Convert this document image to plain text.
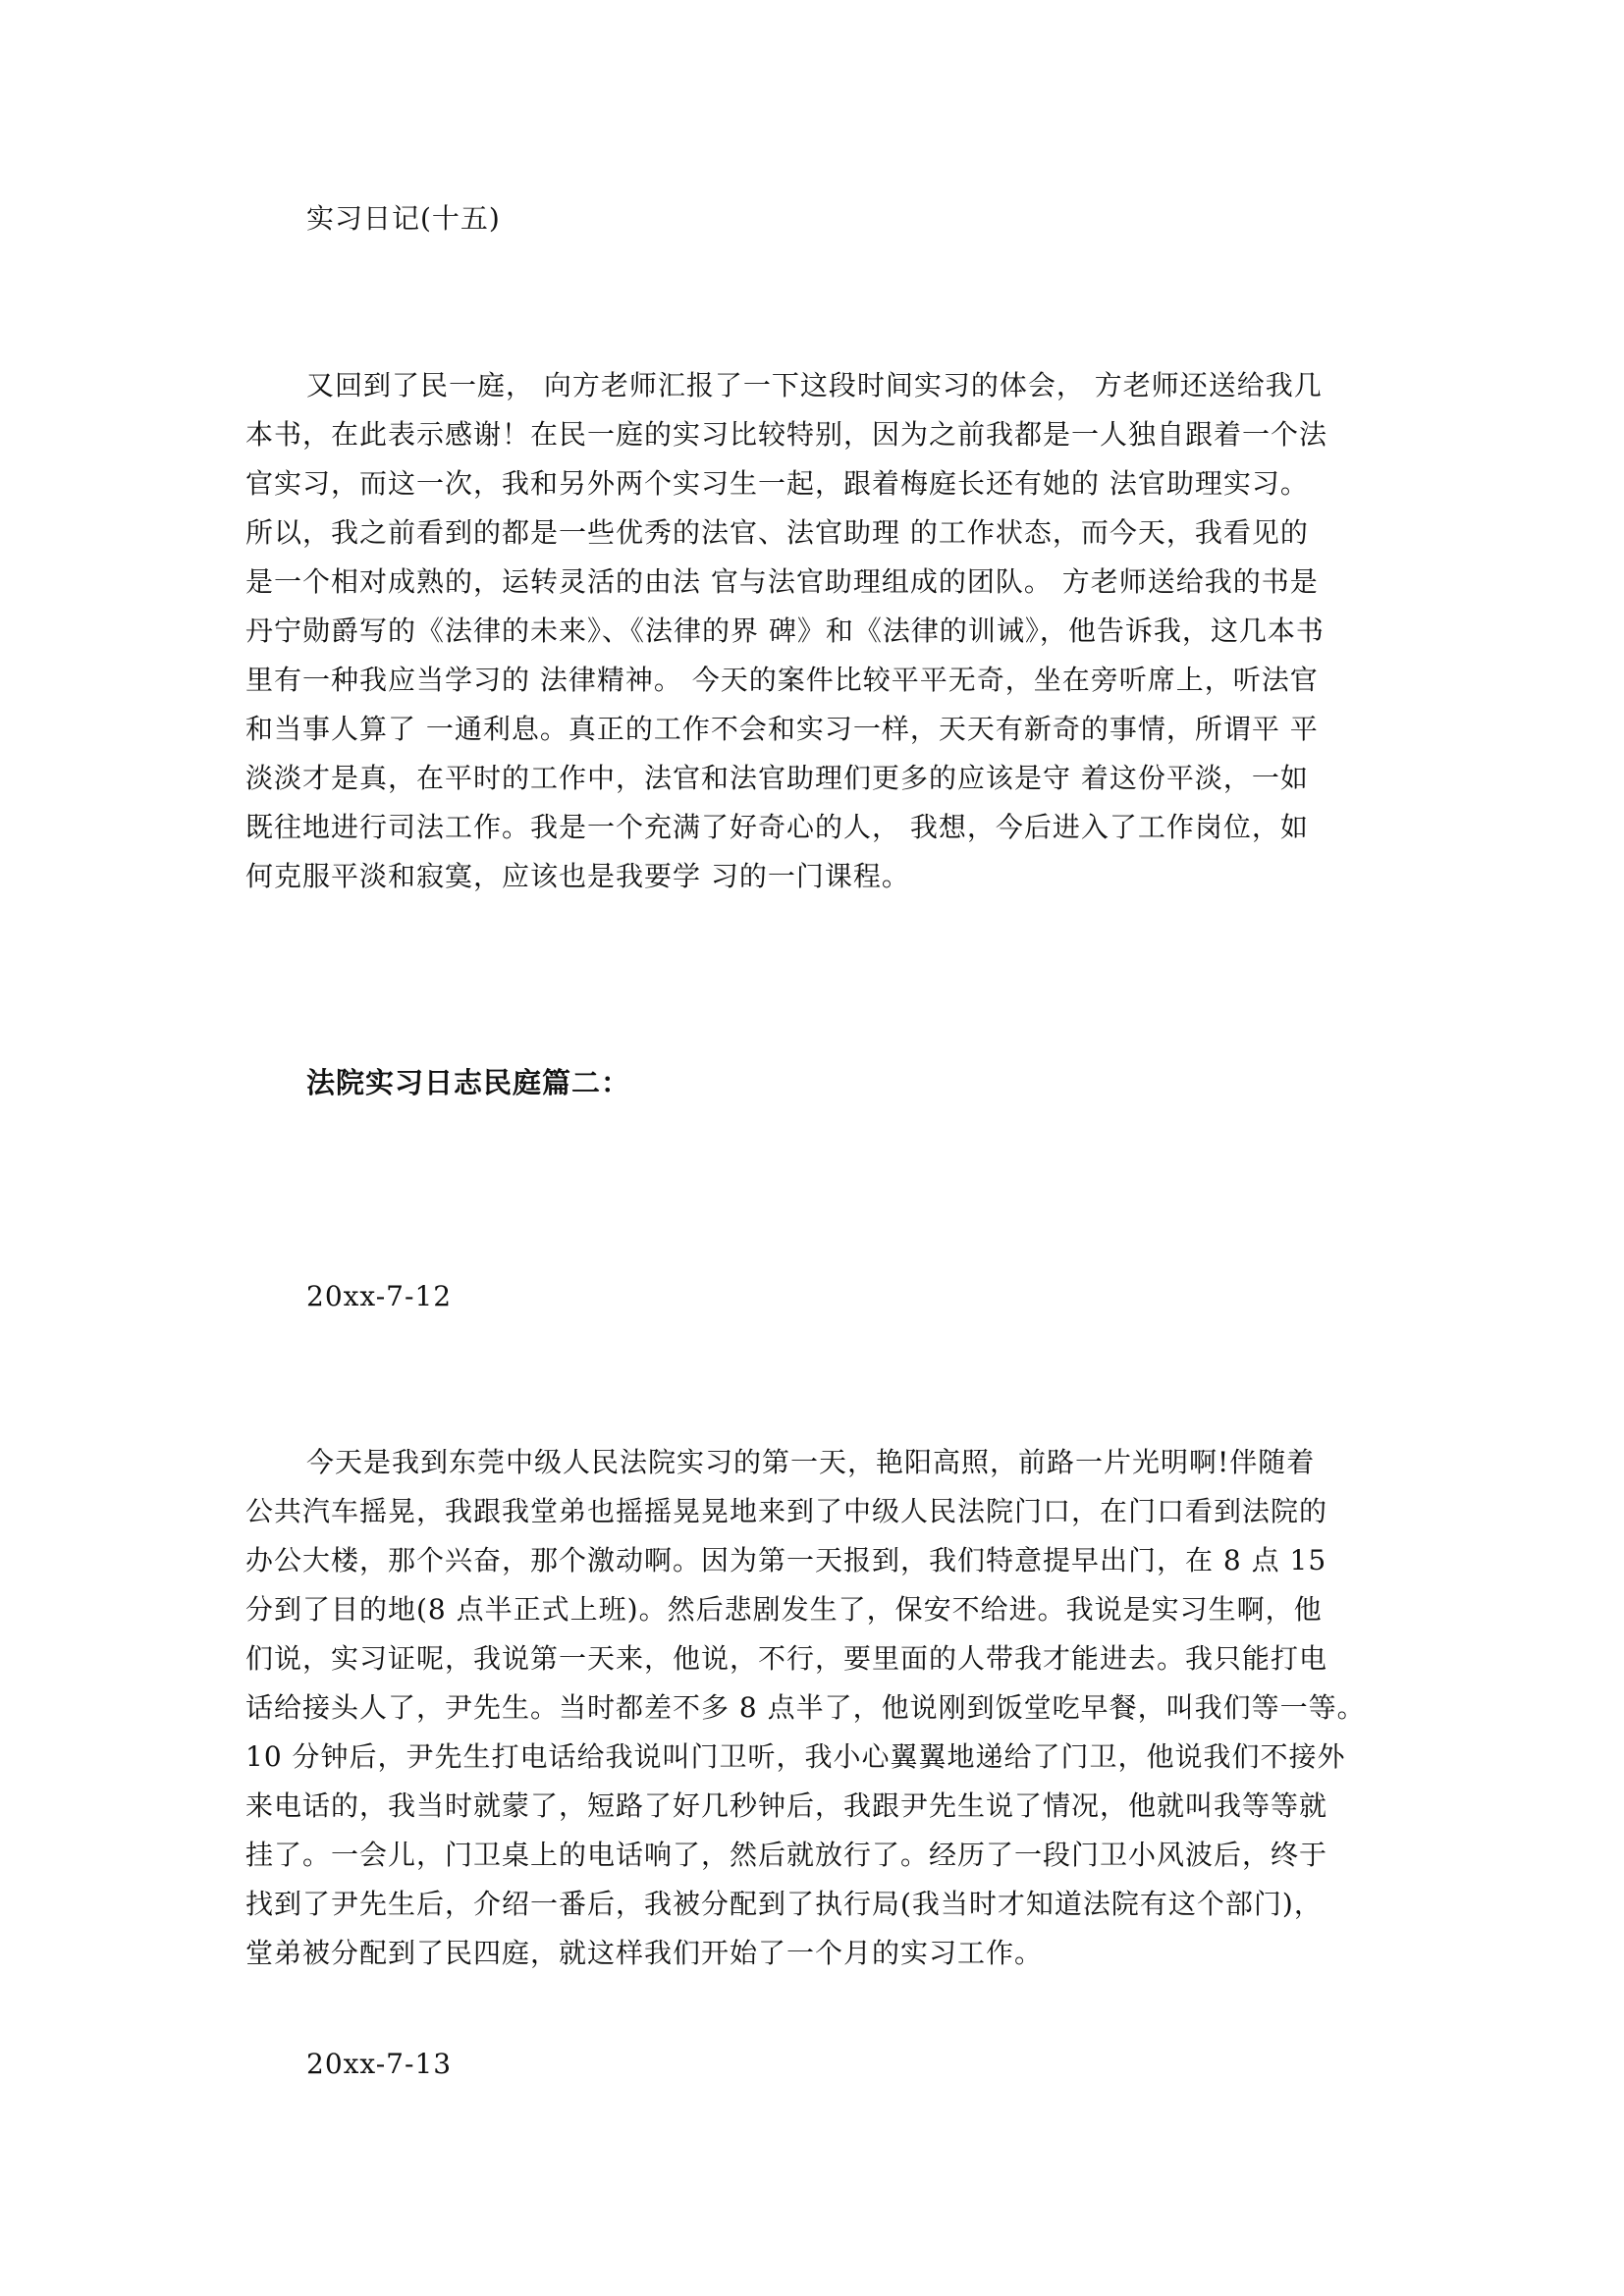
实习日记(十五)
又回到了民一庭， 向方老师汇报了一下这段时间实习的体会， 方老师还送给我几
本书，在此表示感谢！在民一庭的实习比较特别，因为之前我都是一人独自跟着一个法
官实习，而这一次，我和另外两个实习生一起，跟着梅庭长还有她的 法官助理实习。
所以，我之前看到的都是一些优秀的法官、法官助理 的工作状态，而今天，我看见的
是一个相对成熟的，运转灵活的由法 官与法官助理组成的团队。 方老师送给我的书是
丹宁勋爵写的《法律的未来》、《法律的界 碑》和《法律的训诫》，他告诉我，这几本书
里有一种我应当学习的 法律精神。 今天的案件比较平平无奇，坐在旁听席上，听法官
和当事人算了 一通利息。真正的工作不会和实习一样，天天有新奇的事情，所谓平 平
淡淡才是真，在平时的工作中，法官和法官助理们更多的应该是守 着这份平淡，一如
既往地进行司法工作。我是一个充满了好奇心的人， 我想，今后进入了工作岗位，如
何克服平淡和寂寞，应该也是我要学 习的一门课程。
法院实习日志民庭篇二：
20xx-7-12
今天是我到东莞中级人民法院实习的第一天，艳阳高照，前路一片光明啊!伴随着
公共汽车摇晃，我跟我堂弟也摇摇晃晃地来到了中级人民法院门口，在门口看到法院的
办公大楼，那个兴奋，那个激动啊。因为第一天报到，我们特意提早出门，在 8 点 15
分到了目的地(8 点半正式上班)。然后悲剧发生了，保安不给进。我说是实习生啊，他
们说，实习证呢，我说第一天来，他说，不行，要里面的人带我才能进去。我只能打电
话给接头人了，尹先生。当时都差不多 8 点半了，他说刚到饭堂吃早餐，叫我们等一等。
10 分钟后，尹先生打电话给我说叫门卫听，我小心翼翼地递给了门卫，他说我们不接外
来电话的，我当时就蒙了，短路了好几秒钟后，我跟尹先生说了情况，他就叫我等等就
挂了。一会儿，门卫桌上的电话响了，然后就放行了。经历了一段门卫小风波后，终于
找到了尹先生后，介绍一番后，我被分配到了执行局(我当时才知道法院有这个部门)，
堂弟被分配到了民四庭，就这样我们开始了一个月的实习工作。
20xx-7-13
